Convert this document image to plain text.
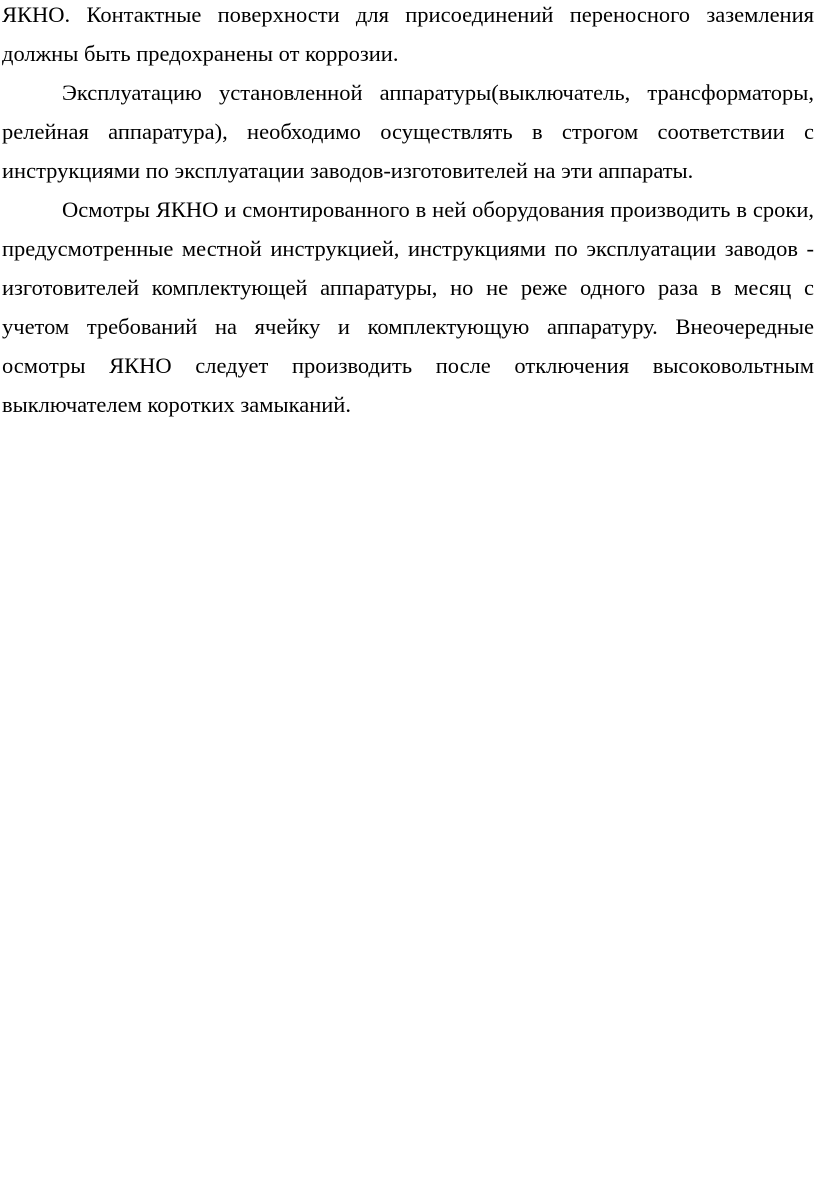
ЯКНО. Контактные поверхности для присоединений переносного заземления должны быть предохранены от коррозии.

Эксплуатацию установленной аппаратуры(выключатель, трансформаторы, релейная аппаратура), необходимо осуществлять в строгом соответствии с инструкциями по эксплуатации заводов-изготовителей на эти аппараты.

Осмотры ЯКНО и смонтированного в ней оборудования производить в сроки, предусмотренные местной инструкцией, инструкциями по эксплуатации заводов - изготовителей комплектующей аппаратуры, но не реже одного раза в месяц с учетом требований на ячейку и комплектующую аппаратуру. Внеочередные осмотры ЯКНО следует производить после отключения высоковольтным выключателем коротких замыканий.
